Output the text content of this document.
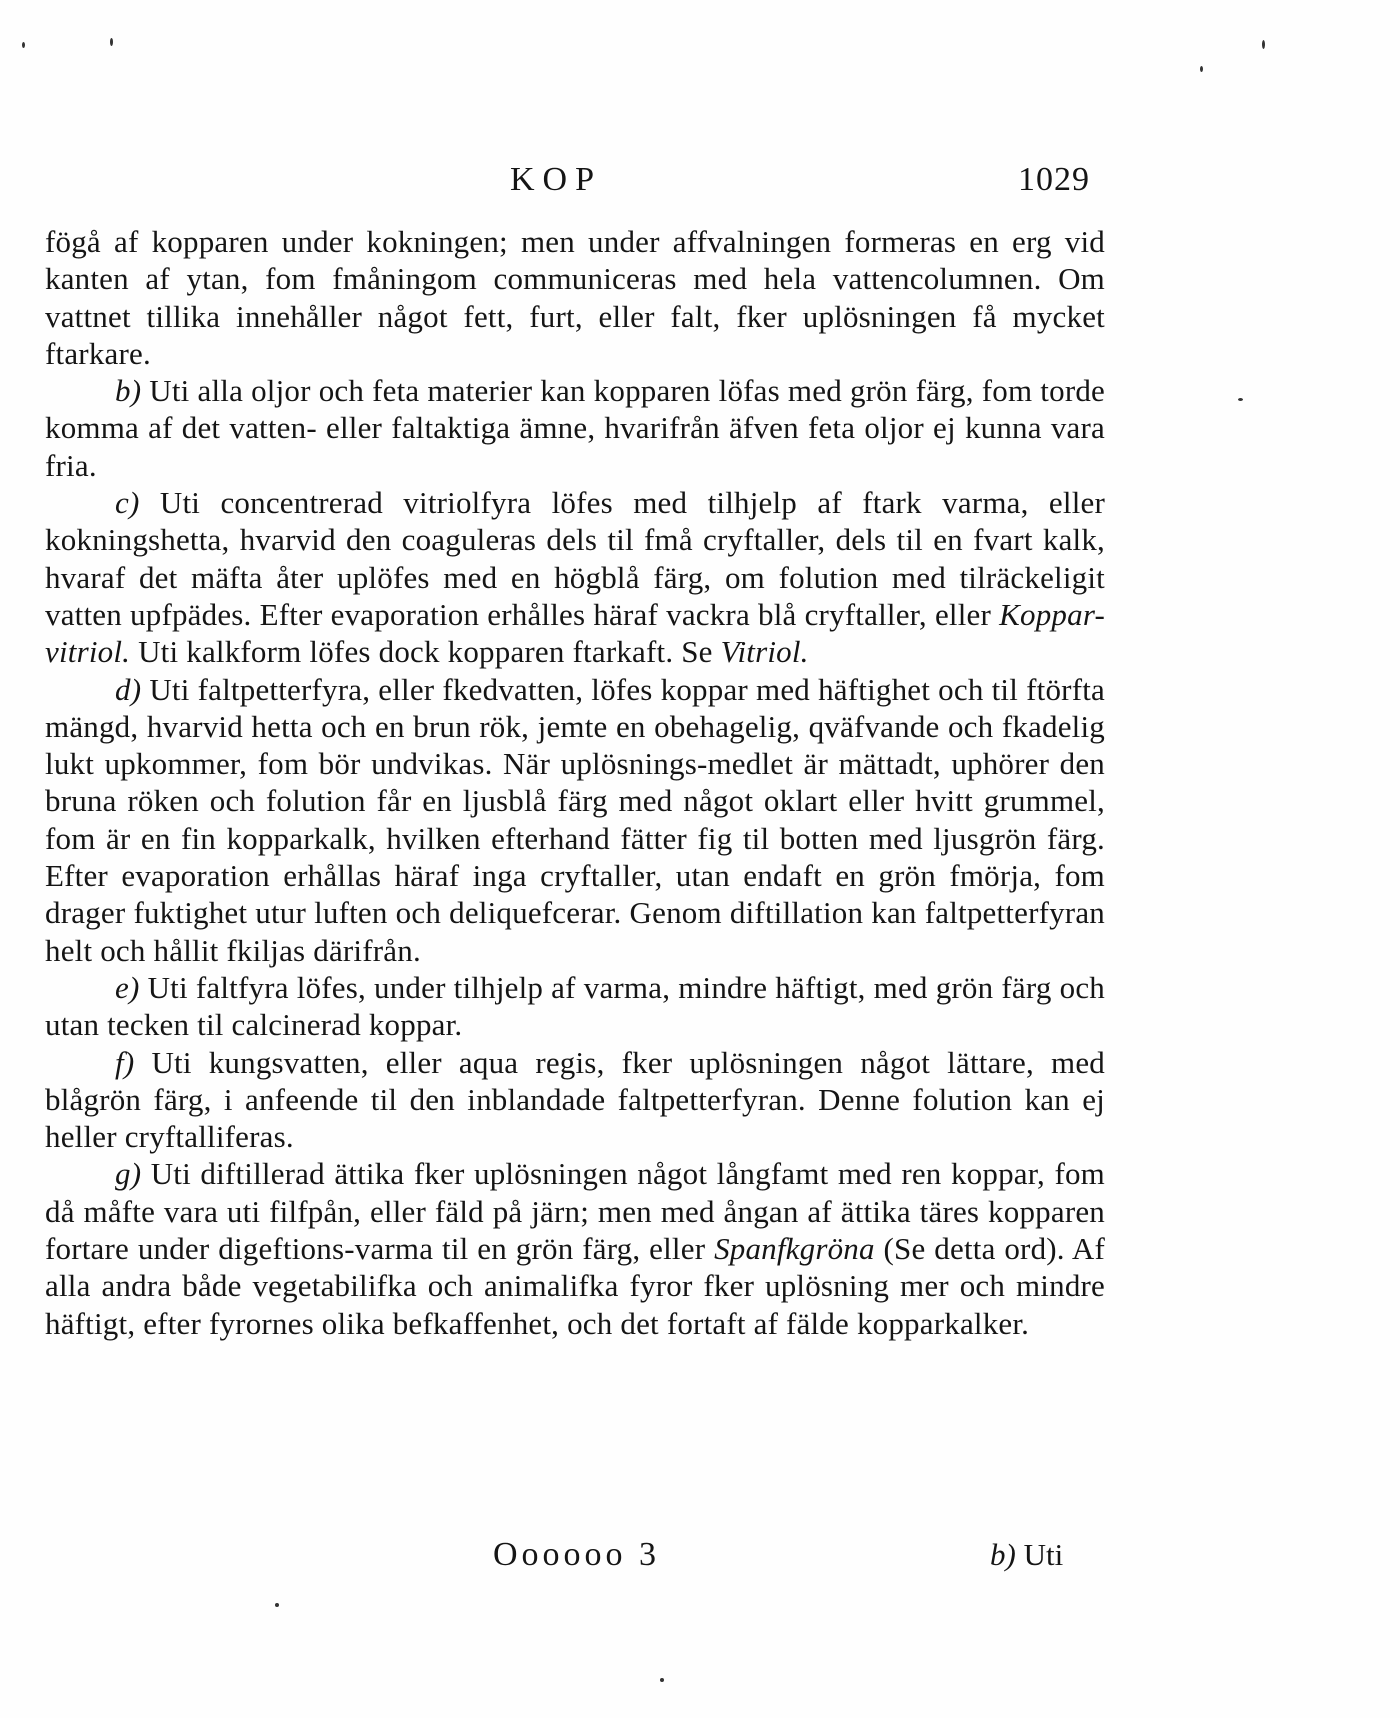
KOP	1029

fögå af kopparen under kokningen; men under affvalningen formeras en erg vid kanten af ytan, fom fmåningom communiceras med hela vattencolumnen. Om vattnet tillika innehåller något fett, furt, eller falt, fker uplösningen få mycket ftarkare.

b) Uti alla oljor och feta materier kan kopparen löfas med grön färg, fom torde komma af det vatten- eller faltaktiga ämne, hvarifrån äfven feta oljor ej kunna vara fria.

c) Uti concentrerad vitriolfyra löfes med tilhjelp af ftark varma, eller kokningshetta, hvarvid den coaguleras dels til fmå cryftaller, dels til en fvart kalk, hvaraf det mäfta åter uplöfes med en högblå färg, om folution med tilräckeligit vatten upfpädes. Efter evaporation erhålles häraf vackra blå cryftaller, eller Koppar-vitriol. Uti kalkform löfes dock kopparen ftarkaft. Se Vitriol.

d) Uti faltpetterfyra, eller fkedvatten, löfes koppar med häftighet och til ftörfta mängd, hvarvid hetta och en brun rök, jemte en obehagelig, qväfvande och fkadelig lukt upkommer, fom bör undvikas. När uplösnings-medlet är mättadt, uphörer den bruna röken och folution får en ljusblå färg med något oklart eller hvitt grummel, fom är en fin kopparkalk, hvilken efterhand fätter fig til botten med ljusgrön färg. Efter evaporation erhållas häraf inga cryftaller, utan endaft en grön fmörja, fom drager fuktighet utur luften och deliquefcerar. Genom diftillation kan faltpetterfyran helt och hållit fkiljas därifrån.

e) Uti faltfyra löfes, under tilhjelp af varma, mindre häftigt, med grön färg och utan tecken til calcinerad koppar.

f) Uti kungsvatten, eller aqua regis, fker uplösningen något lättare, med blågrön färg, i anfeende til den inblandade faltpetterfyran. Denne folution kan ej heller cryftalliferas.

g) Uti diftillerad ättika fker uplösningen något långfamt med ren koppar, fom då måfte vara uti filfpån, eller fäld på järn; men med ångan af ättika täres kopparen fortare under digeftions-varma til en grön färg, eller Spanfkgröna (Se detta ord). Af alla andra både vegetabilifka och animalifka fyror fker uplösning mer och mindre häftigt, efter fyrornes olika befkaffenhet, och det fortaft af fälde kopparkalker.

Oooooo 3	b) Uti
